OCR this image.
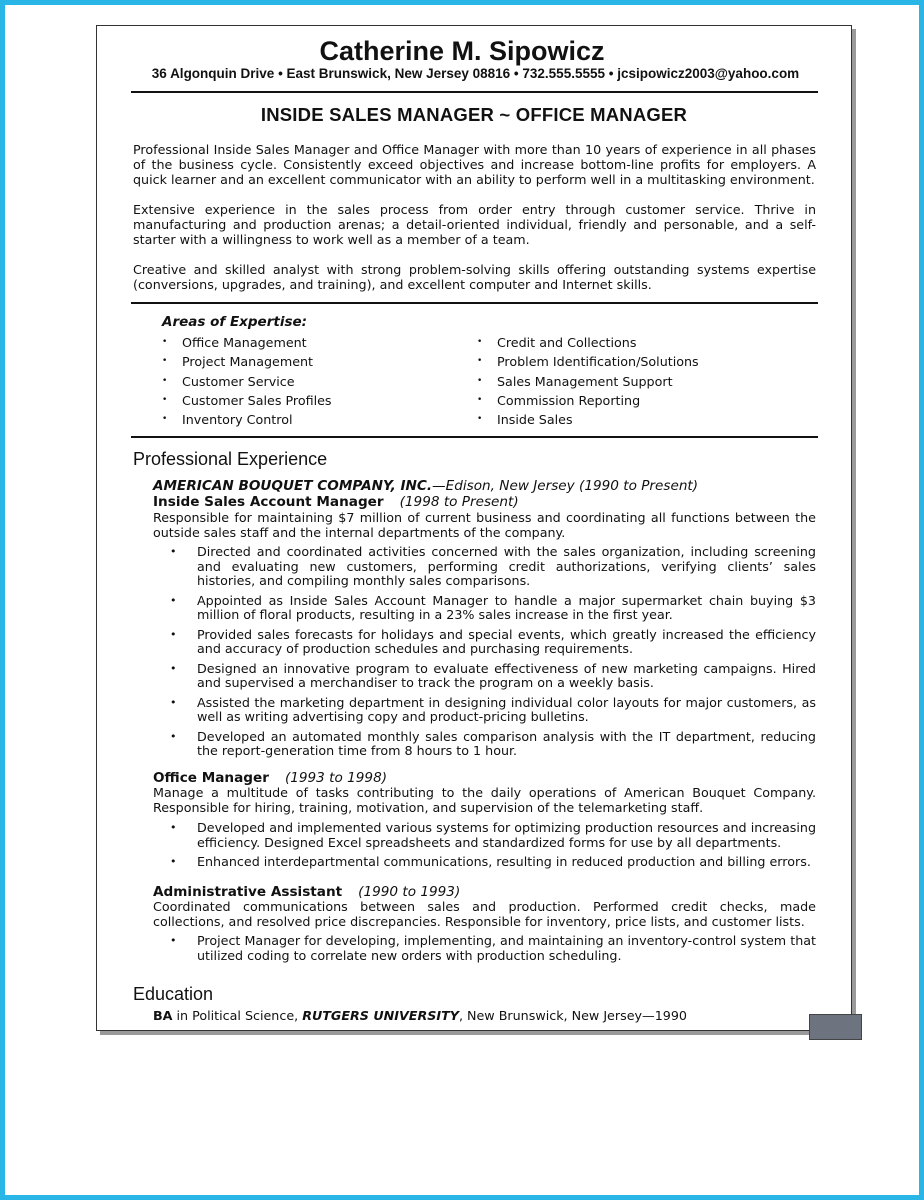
Catherine M. Sipowicz
36 Algonquin Drive • East Brunswick, New Jersey 08816 • 732.555.5555 • jcsipowicz2003@yahoo.com
INSIDE SALES MANAGER ~ OFFICE MANAGER

Professional Inside Sales Manager and Office Manager with more than 10 years of experience in all phases of the business cycle. Consistently exceed objectives and increase bottom-line profits for employers. A quick learner and an excellent communicator with an ability to perform well in a multitasking environment.

Extensive experience in the sales process from order entry through customer service. Thrive in manufacturing and production arenas; a detail-oriented individual, friendly and personable, and a self-starter with a willingness to work well as a member of a team.

Creative and skilled analyst with strong problem-solving skills offering outstanding systems expertise (conversions, upgrades, and training), and excellent computer and Internet skills.

Areas of Expertise:
• Office Management
• Project Management
• Customer Service
• Customer Sales Profiles
• Inventory Control
• Credit and Collections
• Problem Identification/Solutions
• Sales Management Support
• Commission Reporting
• Inside Sales
Professional Experience
AMERICAN BOUQUET COMPANY, INC.—Edison, New Jersey (1990 to Present)
Inside Sales Account Manager (1998 to Present)

Responsible for maintaining $7 million of current business and coordinating all functions between the outside sales staff and the internal departments of the company.

• Directed and coordinated activities concerned with the sales organization, including screening and evaluating new customers, performing credit authorizations, verifying clients’ sales histories, and compiling monthly sales comparisons.
• Appointed as Inside Sales Account Manager to handle a major supermarket chain buying $3 million of floral products, resulting in a 23% sales increase in the first year.
• Provided sales forecasts for holidays and special events, which greatly increased the efficiency and accuracy of production schedules and purchasing requirements.
• Designed an innovative program to evaluate effectiveness of new marketing campaigns. Hired and supervised a merchandiser to track the program on a weekly basis.
• Assisted the marketing department in designing individual color layouts for major customers, as well as writing advertising copy and product-pricing bulletins.
• Developed an automated monthly sales comparison analysis with the IT department, reducing the report-generation time from 8 hours to 1 hour.
Office Manager (1993 to 1998)

Manage a multitude of tasks contributing to the daily operations of American Bouquet Company. Responsible for hiring, training, motivation, and supervision of the telemarketing staff.

• Developed and implemented various systems for optimizing production resources and increasing efficiency. Designed Excel spreadsheets and standardized forms for use by all departments.
• Enhanced interdepartmental communications, resulting in reduced production and billing errors.
Administrative Assistant (1990 to 1993)

Coordinated communications between sales and production. Performed credit checks, made collections, and resolved price discrepancies. Responsible for inventory, price lists, and customer lists.

• Project Manager for developing, implementing, and maintaining an inventory-control system that utilized coding to correlate new orders with production scheduling.
Education
BA in Political Science, RUTGERS UNIVERSITY, New Brunswick, New Jersey—1990
